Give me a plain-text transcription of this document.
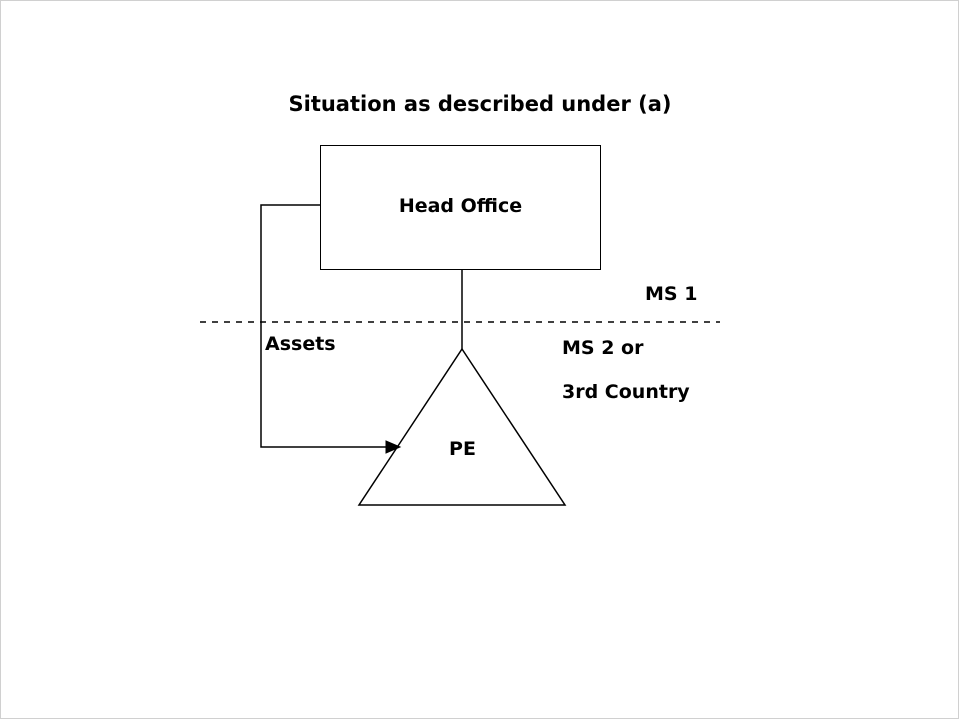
Situation as described under (a)
Head Office
PE
MS 1
MS 2 or
3rd Country
Assets
